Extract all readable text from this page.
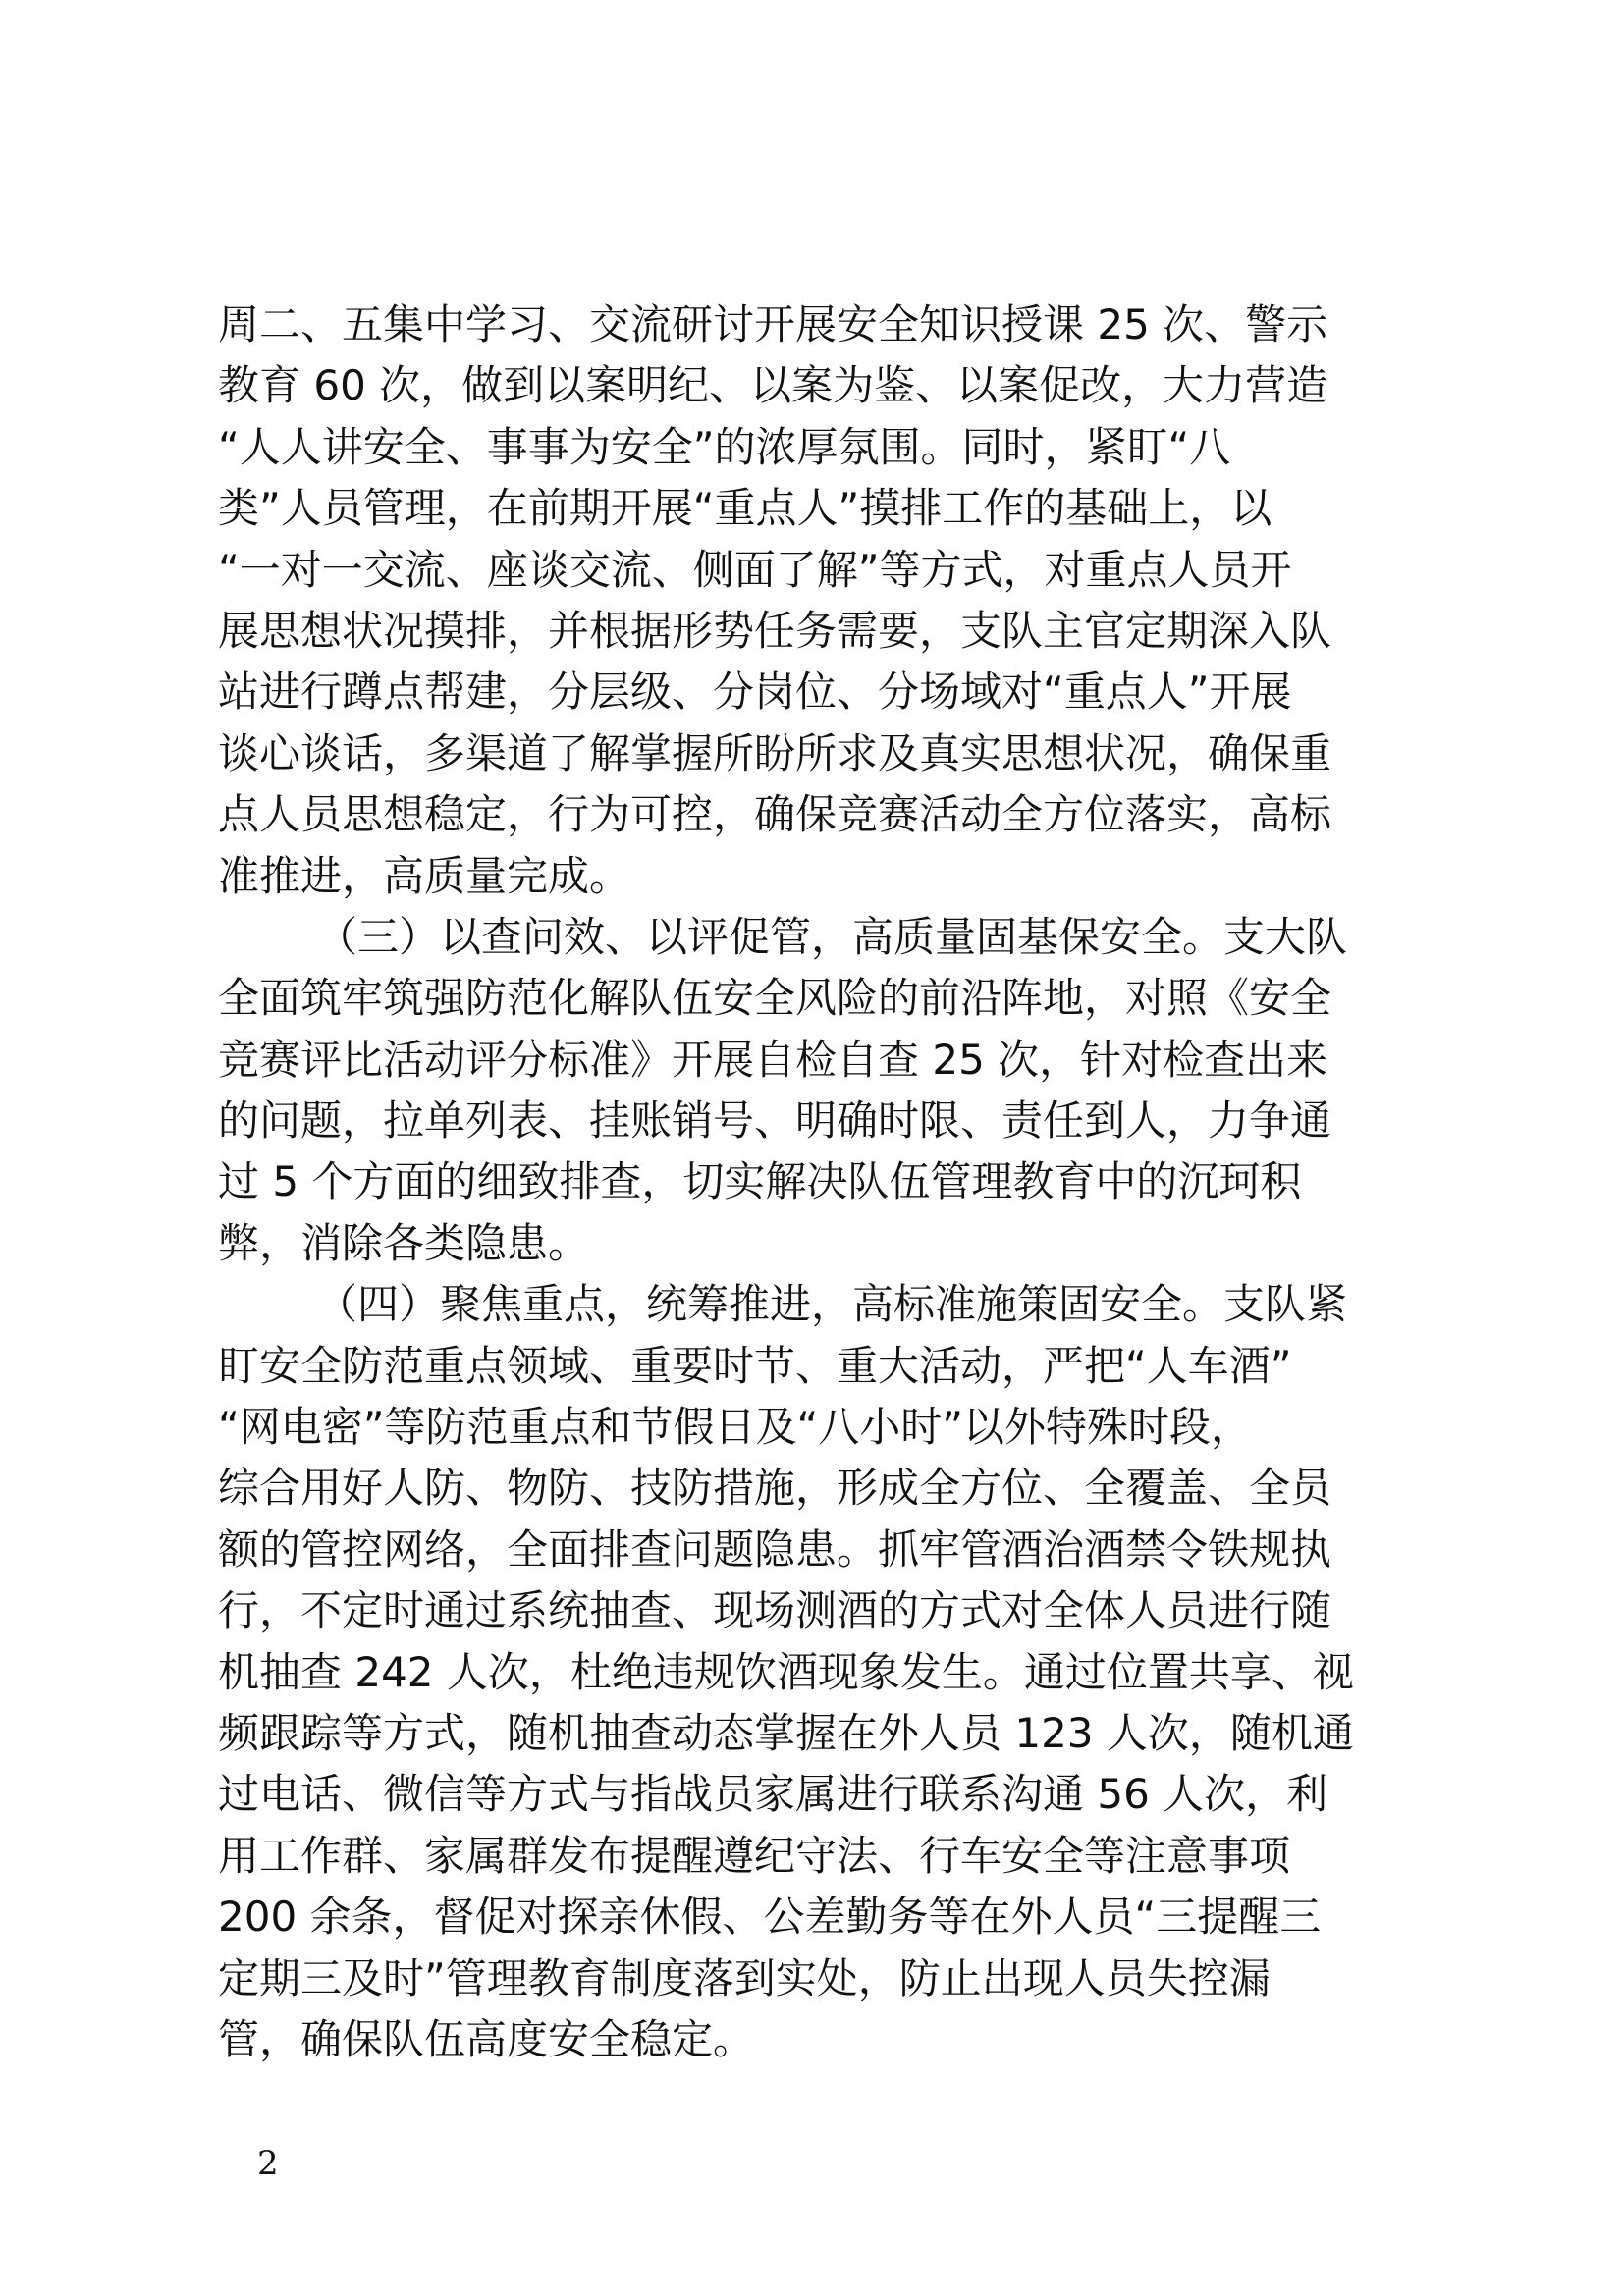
周二、五集中学习、交流研讨开展安全知识授课 25 次、警示
教育 60 次，做到以案明纪、以案为鉴、以案促改，大力营造
“人人讲安全、事事为安全”的浓厚氛围。同时，紧盯“八
类”人员管理，在前期开展“重点人”摸排工作的基础上，以
“一对一交流、座谈交流、侧面了解”等方式，对重点人员开
展思想状况摸排，并根据形势任务需要，支队主官定期深入队
站进行蹲点帮建，分层级、分岗位、分场域对“重点人”开展
谈心谈话，多渠道了解掌握所盼所求及真实思想状况，确保重
点人员思想稳定，行为可控，确保竞赛活动全方位落实，高标
准推进，高质量完成。
（三）以查问效、以评促管，高质量固基保安全。支大队
全面筑牢筑强防范化解队伍安全风险的前沿阵地，对照《安全
竞赛评比活动评分标准》开展自检自查 25 次，针对检查出来
的问题，拉单列表、挂账销号、明确时限、责任到人，力争通
过 5 个方面的细致排查，切实解决队伍管理教育中的沉珂积
弊，消除各类隐患。
（四）聚焦重点，统筹推进，高标准施策固安全。支队紧
盯安全防范重点领域、重要时节、重大活动，严把“人车酒”
“网电密”等防范重点和节假日及“八小时”以外特殊时段，
综合用好人防、物防、技防措施，形成全方位、全覆盖、全员
额的管控网络，全面排查问题隐患。抓牢管酒治酒禁令铁规执
行，不定时通过系统抽查、现场测酒的方式对全体人员进行随
机抽查 242 人次，杜绝违规饮酒现象发生。通过位置共享、视
频跟踪等方式，随机抽查动态掌握在外人员 123 人次，随机通
过电话、微信等方式与指战员家属进行联系沟通 56 人次，利
用工作群、家属群发布提醒遵纪守法、行车安全等注意事项
200 余条，督促对探亲休假、公差勤务等在外人员“三提醒三
定期三及时”管理教育制度落到实处，防止出现人员失控漏
管，确保队伍高度安全稳定。
2
